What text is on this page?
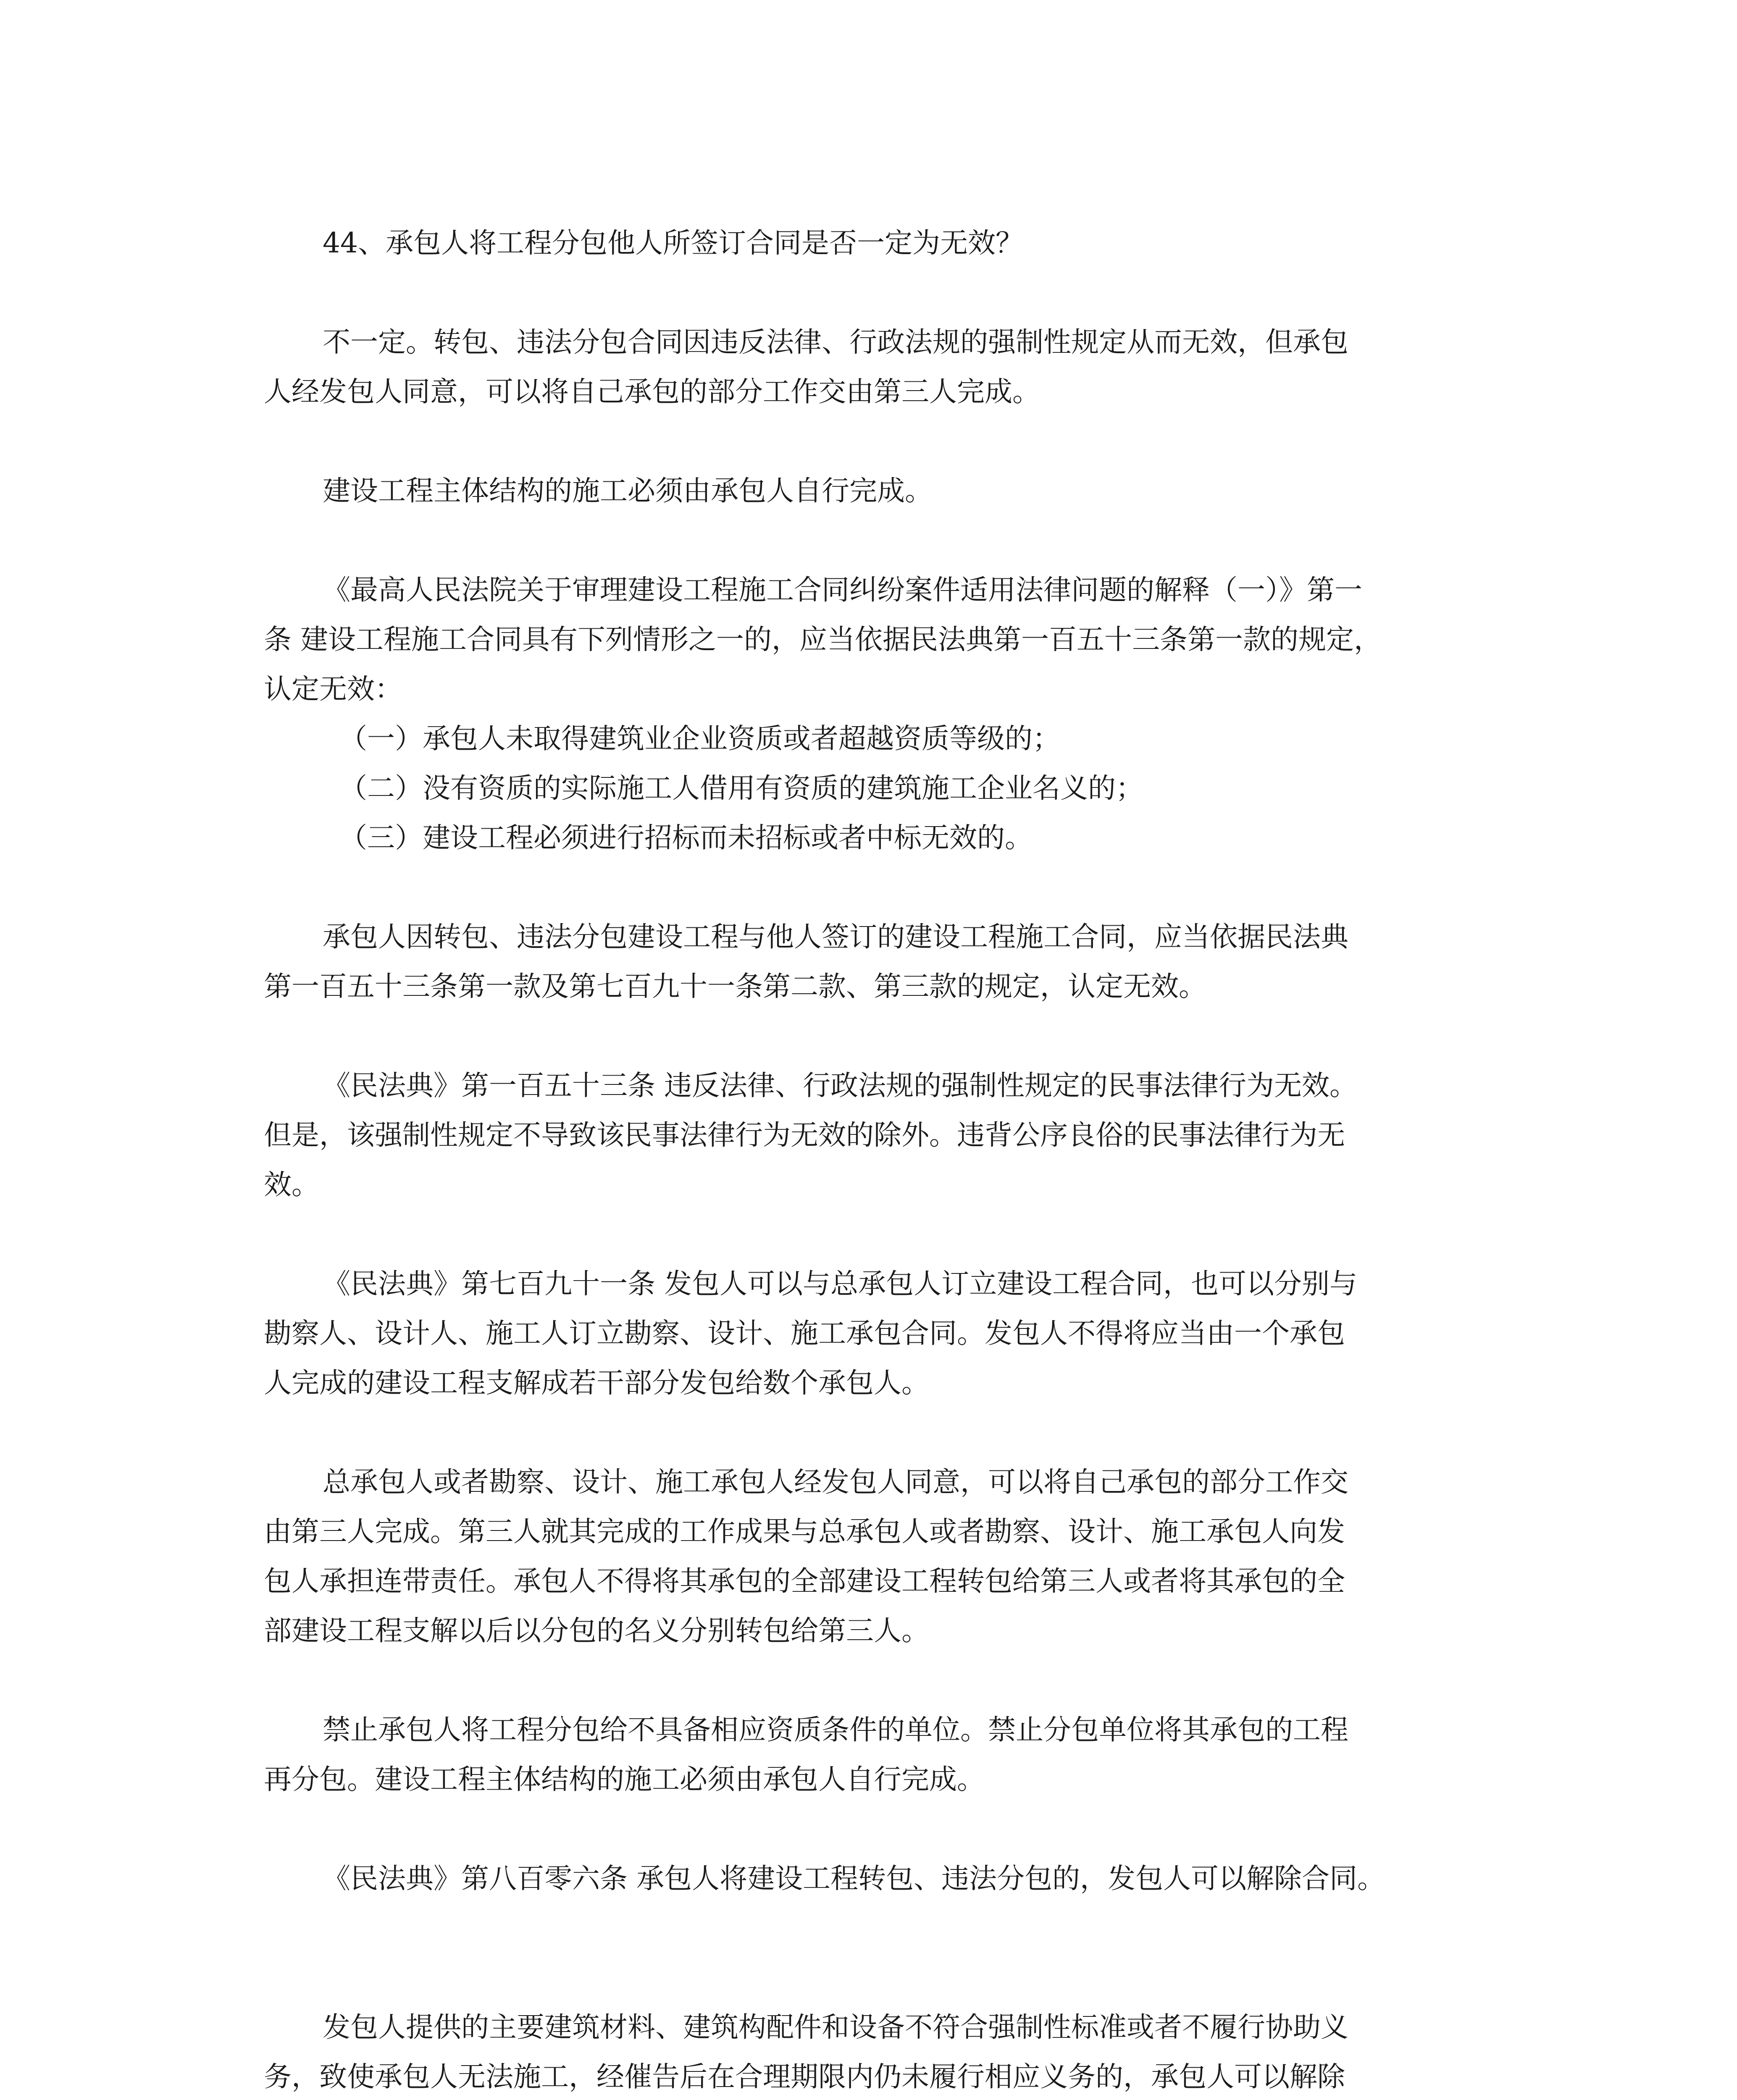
44、承包人将工程分包他人所签订合同是否一定为无效？

不一定。转包、违法分包合同因违反法律、行政法规的强制性规定从而无效，但承包
人经发包人同意，可以将自己承包的部分工作交由第三人完成。

建设工程主体结构的施工必须由承包人自行完成。

《最高人民法院关于审理建设工程施工合同纠纷案件适用法律问题的解释（一）》第一
条 建设工程施工合同具有下列情形之一的，应当依据民法典第一百五十三条第一款的规定，
认定无效：

（一）承包人未取得建筑业企业资质或者超越资质等级的；

（二）没有资质的实际施工人借用有资质的建筑施工企业名义的；

（三）建设工程必须进行招标而未招标或者中标无效的。

承包人因转包、违法分包建设工程与他人签订的建设工程施工合同，应当依据民法典
第一百五十三条第一款及第七百九十一条第二款、第三款的规定，认定无效。

《民法典》第一百五十三条 违反法律、行政法规的强制性规定的民事法律行为无效。
但是，该强制性规定不导致该民事法律行为无效的除外。违背公序良俗的民事法律行为无
效。

《民法典》第七百九十一条 发包人可以与总承包人订立建设工程合同，也可以分别与
勘察人、设计人、施工人订立勘察、设计、施工承包合同。发包人不得将应当由一个承包
人完成的建设工程支解成若干部分发包给数个承包人。

总承包人或者勘察、设计、施工承包人经发包人同意，可以将自己承包的部分工作交
由第三人完成。第三人就其完成的工作成果与总承包人或者勘察、设计、施工承包人向发
包人承担连带责任。承包人不得将其承包的全部建设工程转包给第三人或者将其承包的全
部建设工程支解以后以分包的名义分别转包给第三人。

禁止承包人将工程分包给不具备相应资质条件的单位。禁止分包单位将其承包的工程
再分包。建设工程主体结构的施工必须由承包人自行完成。

《民法典》第八百零六条 承包人将建设工程转包、违法分包的，发包人可以解除合同。

发包人提供的主要建筑材料、建筑构配件和设备不符合强制性标准或者不履行协助义
务，致使承包人无法施工，经催告后在合理期限内仍未履行相应义务的，承包人可以解除
